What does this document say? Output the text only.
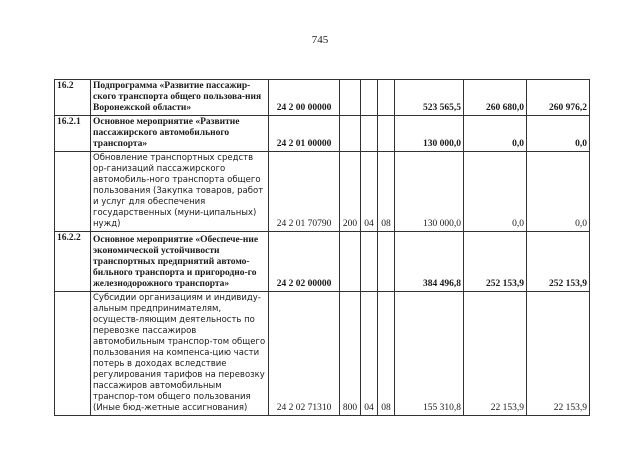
745
16.2	Подпрограмма «Развитие пассажир-ского транспорта общего пользова-ния Воронежской области»	24 2 00 00000				523 565,5	260 680,0	260 976,2
16.2.1	Основное мероприятие «Развитие пассажирского автомобильного транспорта»	24 2 01 00000				130 000,0	0,0	0,0
	Обновление транспортных средств ор-ганизаций пассажирского автомобиль-ного транспорта общего пользования (Закупка товаров, работ и услуг для обеспечения государственных (муни-ципальных) нужд)	24 2 01 70790	200	04	08	130 000,0	0,0	0,0
16.2.2	Основное мероприятие «Обеспече-ние экономической устойчивости транспортных предприятий автомо-бильного транспорта и пригородно-го железнодорожного транспорта»	24 2 02 00000				384 496,8	252 153,9	252 153,9
	Субсидии организациям и индивиду-альным предпринимателям, осуществ-ляющим деятельность по перевозке пассажиров автомобильным транспор-том общего пользования на компенса-цию части потерь в доходах вследствие регулирования тарифов на перевозку пассажиров автомобильным транспор-том общего пользования (Иные бюд-жетные ассигнования)	24 2 02 71310	800	04	08	155 310,8	22 153,9	22 153,9
